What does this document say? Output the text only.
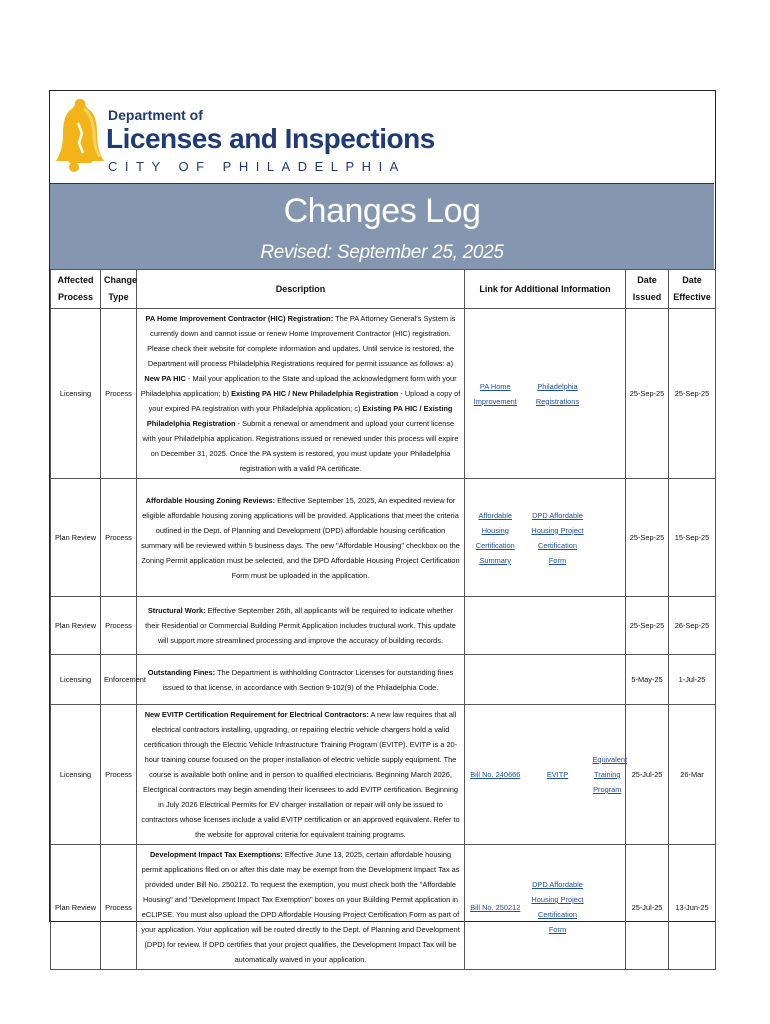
Department of
Licenses and Inspections
CITY OF PHILADELPHIA
Changes Log
Revised: September 25, 2025
Affected Process	Change Type	Description	Link for Additional Information			Date Issued	Date Effective
Licensing	Process	PA Home Improvement Contractor (HIC) Registration: The PA Attorney General's System is currently down and cannot issue or renew Home Improvement Contractor (HIC) registration. Please check their website for complete information and updates. Until service is restored, the Department will process Philadelphia Registrations required for permit issuance as follows: a) New PA HIC - Mail your application to the State and upload the acknowledgment form with your Philadelphia application; b) Existing PA HIC / New Philadelphia Registration - Upload a copy of your expired PA registration with your Philadelphia application; c) Existing PA HIC / Existing Philadelphia Registration - Submit a renewal or amendment and upload your current license with your Philadelphia application. Registrations issued or renewed under this process will expire on December 31, 2025. Once the PA system is restored, you must update your Philadelphia registration with a valid PA certificate.	PA Home Improvement	Philadelphia Registrations		25-Sep-25	25-Sep-25
Plan Review	Process	Affordable Housing Zoning Reviews: Effective September 15, 2025, An expedited review for eligible affordable housing zoning applications will be provided. Applications that meet the criteria outlined in the Dept. of Planning and Development (DPD) affordable housing certification summary will be reviewed within 5 business days. The new "Affordable Housing" checkbox on the Zoning Permit application must be selected, and the DPD Affordable Housing Project Certification Form must be uploaded in the application.	Affordable Housing Certification Summary	DPD Affordable Housing Project Certification Form		25-Sep-25	15-Sep-25
Plan Review	Process	Structural Work: Effective September 26th, all applicants will be required to indicate whether their Residential or Commercial Building Permit Application includes tructural work. This update will support more streamlined processing and improve the accuracy of building records.				25-Sep-25	26-Sep-25
Licensing	Enforcement	Outstanding Fines: The Department is withholding Contractor Licenses for outstanding fines issued to that license, in accordance with Section 9-102(9) of the Philadelphia Code.				5-May-25	1-Jul-25
Licensing	Process	New EVITP Certification Requirement for Electrical Contractors: A new law requires that all electrical contractors installing, upgrading, or repairing electric vehicle chargers hold a valid certification through the Electric Vehicle Infrastructure Training Program (EVITP). EVITP is a 20-hour training course focused on the proper installation of electric vehicle supply equipment. The course is available both online and in person to qualified electricians. Beginning March 2026, Electgrical contractors may begin amending their licensees to add EVITP certification. Beginning in July 2026 Electrical Permits for EV charger installation or repair will only be issued to contractors whose licenses include a valid EVITP certification or an approved equivalent. Refer to the website for approval criteria for equivalent training programs.	Bill No. 240666	EVITP	Equivalent Training Program	25-Jul-25	26-Mar
Plan Review	Process	Development Impact Tax Exemptions: Effective June 13, 2025, certain affordable housing permit applications filed on or after this date may be exempt from the Development Impact Tax as provided under Bill No. 250212. To request the exemption, you must check both the "Affordable Housing" and "Development Impact Tax Exemption" boxes on your Building Permit application in eCLIPSE. You must also upload the DPD Affordable Housing Project Certification Form as part of your application. Your application will be routed directly to the Dept. of Planning and Development (DPD) for review. If DPD certifies that your project qualifies, the Development Impact Tax will be automatically waived in your application.	Bill No. 250212	DPD Affordable Housing Project Certification Form		25-Jul-25	13-Jun-25
